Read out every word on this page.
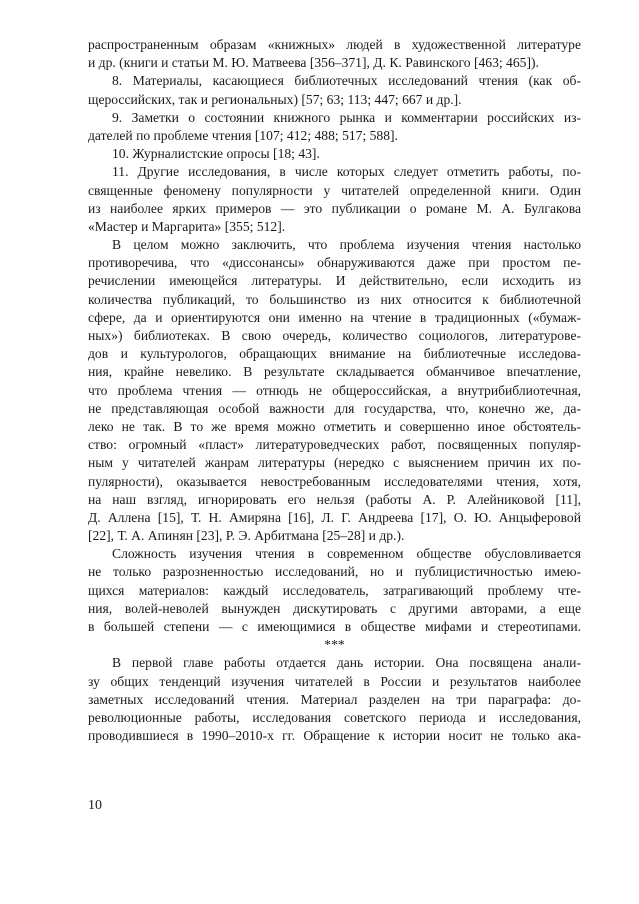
распространенным образам «книжных» людей в художественной литературе
и др. (книги и статьи М. Ю. Матвеева [356–371], Д. К. Равинского [463; 465]).
8. Материалы, касающиеся библиотечных исследований чтения (как об-
щероссийских, так и региональных) [57; 63; 113; 447; 667 и др.].
9. Заметки о состоянии книжного рынка и комментарии российских из-
дателей по проблеме чтения [107; 412; 488; 517; 588].
10. Журналистские опросы [18; 43].
11. Другие исследования, в числе которых следует отметить работы, по-
священные феномену популярности у читателей определенной книги. Один
из наиболее ярких примеров — это публикации о романе М. А. Булгакова
«Мастер и Маргарита» [355; 512].
В целом можно заключить, что проблема изучения чтения настолько
противоречива, что «диссонансы» обнаруживаются даже при простом пе-
речислении имеющейся литературы. И действительно, если исходить из
количества публикаций, то большинство из них относится к библиотечной
сфере, да и ориентируются они именно на чтение в традиционных («бумаж-
ных») библиотеках. В свою очередь, количество социологов, литературове-
дов и культурологов, обращающих внимание на библиотечные исследова-
ния, крайне невелико. В результате складывается обманчивое впечатление,
что проблема чтения — отнюдь не общероссийская, а внутрибиблиотечная,
не представляющая особой важности для государства, что, конечно же, да-
леко не так. В то же время можно отметить и совершенно иное обстоятель-
ство: огромный «пласт» литературоведческих работ, посвященных популяр-
ным у читателей жанрам литературы (нередко с выяснением причин их по-
пулярности), оказывается невостребованным исследователями чтения, хотя,
на наш взгляд, игнорировать его нельзя (работы А. Р. Алейниковой [11],
Д. Аллена [15], Т. Н. Амиряна [16], Л. Г. Андреева [17], О. Ю. Анцыферовой
[22], Т. А. Апинян [23], Р. Э. Арбитмана [25–28] и др.).
Сложность изучения чтения в современном обществе обусловливается
не только разрозненностью исследований, но и публицистичностью имею-
щихся материалов: каждый исследователь, затрагивающий проблему чте-
ния, волей-неволей вынужден дискутировать с другими авторами, а еще
в большей степени — с имеющимися в обществе мифами и стереотипами.
***
В первой главе работы отдается дань истории. Она посвящена анали-
зу общих тенденций изучения читателей в России и результатов наиболее
заметных исследований чтения. Материал разделен на три параграфа: до-
революционные работы, исследования советского периода и исследования,
проводившиеся в 1990–2010-х гг. Обращение к истории носит не только ака-
10
